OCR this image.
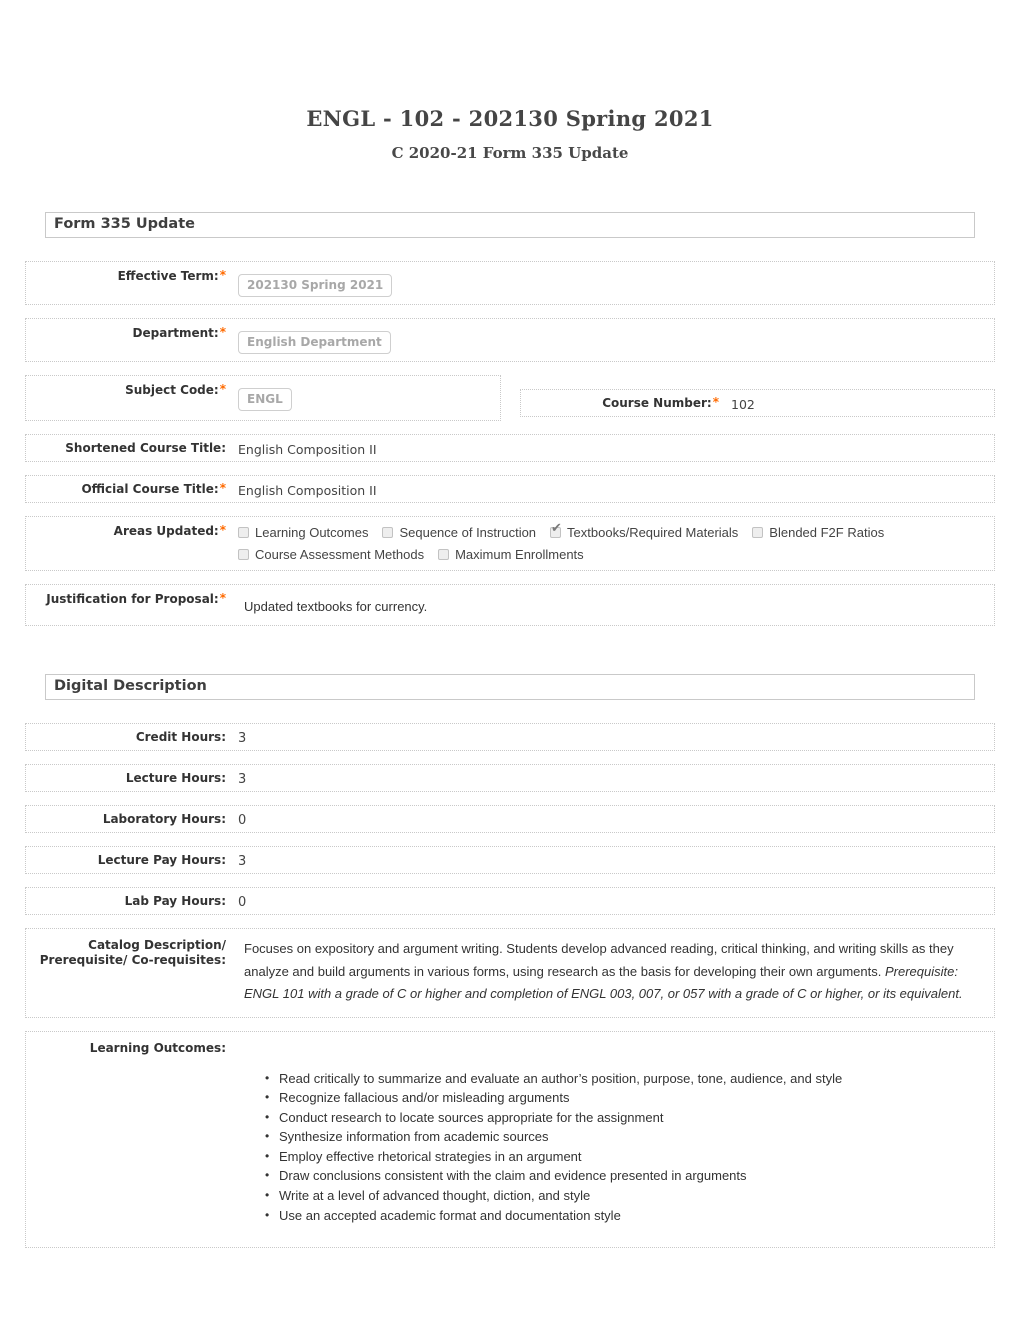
ENGL - 102 - 202130 Spring 2021
C 2020-21 Form 335 Update
Form 335 Update
Effective Term:*
202130 Spring 2021
Department:*
English Department
Subject Code:*
ENGL	Course Number:* 102
Shortened Course Title: English Composition II
Official Course Title:* English Composition II
Areas Updated:* Learning Outcomes Sequence of Instruction ✔ Textbooks/Required Materials Blended F2F Ratios
Course Assessment Methods Maximum Enrollments
Justification for Proposal:*
Updated textbooks for currency.
Digital Description
Credit Hours: 3
Lecture Hours: 3
Laboratory Hours: 0
Lecture Pay Hours: 3
Lab Pay Hours: 0
Catalog Description/
Prerequisite/ Co-requisites:
Focuses on expository and argument writing. Students develop advanced reading, critical thinking, and writing skills as they analyze and build arguments in various forms, using research as the basis for developing their own arguments. Prerequisite: ENGL 101 with a grade of C or higher and completion of ENGL 003, 007, or 057 with a grade of C or higher, or its equivalent.
Learning Outcomes:
• Read critically to summarize and evaluate an author’s position, purpose, tone, audience, and style
• Recognize fallacious and/or misleading arguments
• Conduct research to locate sources appropriate for the assignment
• Synthesize information from academic sources
• Employ effective rhetorical strategies in an argument
• Draw conclusions consistent with the claim and evidence presented in arguments
• Write at a level of advanced thought, diction, and style
• Use an accepted academic format and documentation style
